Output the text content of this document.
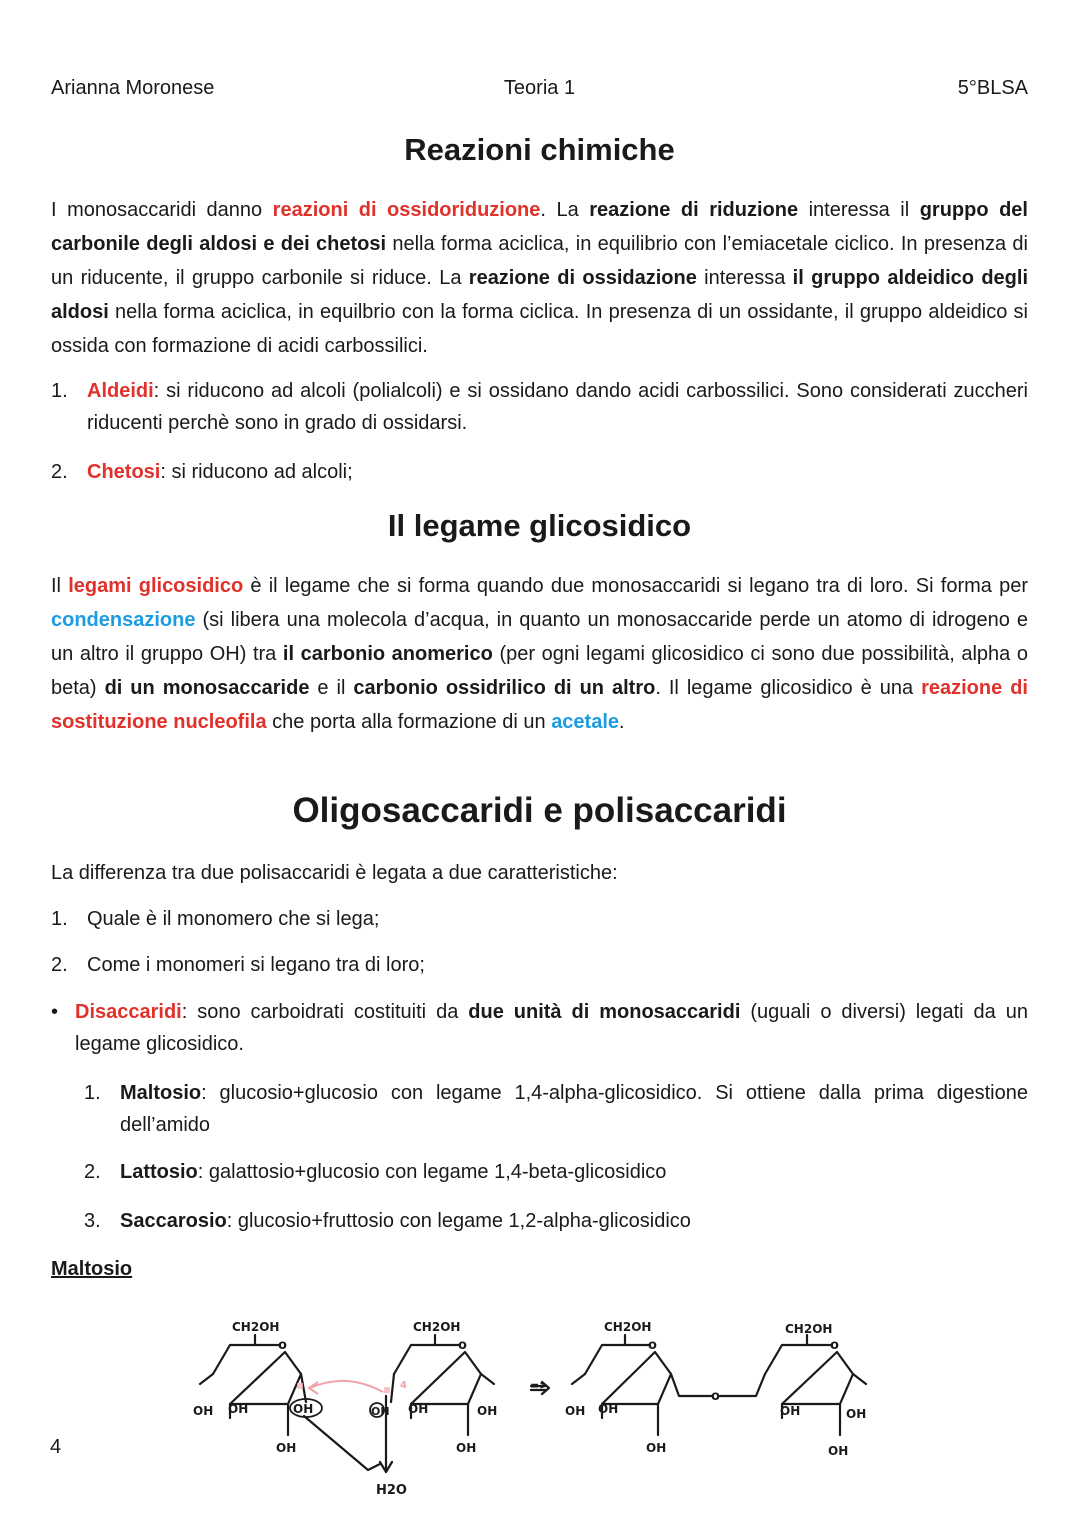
Arianna Moronese	Teoria 1	5°BLSA
Reazioni chimiche

I monosaccaridi danno reazioni di ossidoriduzione. La reazione di riduzione interessa il gruppo del carbonile degli aldosi e dei chetosi nella forma aciclica, in equilibrio con l’emiacetale ciclico. In presenza di un riducente, il gruppo carbonile si riduce. La reazione di ossidazione interessa il gruppo aldeidico degli aldosi nella forma aciclica, in equilbrio con la forma ciclica. In presenza di un ossidante, il gruppo aldeidico si ossida con formazione di acidi carbossilici.

1. Aldeidi: si riducono ad alcoli (polialcoli) e si ossidano dando acidi carbossilici. Sono considerati zuccheri riducenti perchè sono in grado di ossidarsi.

2. Chetosi: si riducono ad alcoli;

Il legame glicosidico

Il legami glicosidico è il legame che si forma quando due monosaccaridi si legano tra di loro. Si forma per condensazione (si libera una molecola d’acqua, in quanto un monosaccaride perde un atomo di idrogeno e un altro il gruppo OH) tra il carbonio anomerico (per ogni legami glicosidico ci sono due possibilità, alpha o beta) di un monosaccaride e il carbonio ossidrilico di un altro. Il legame glicosidico è una reazione di sostituzione nucleofila che porta alla formazione di un acetale.

Oligosaccaridi e polisaccaridi

La differenza tra due polisaccaridi è legata a due caratteristiche:

1. Quale è il monomero che si lega;

2. Come i monomeri si legano tra di loro;

• Disaccaridi: sono carboidrati costituiti da due unità di monosaccaridi (uguali o diversi) legati da un legame glicosidico.

1. Maltosio: glucosio+glucosio con legame 1,4-alpha-glicosidico. Si ottiene dalla prima digestione dell’amido

2. Lattosio: galattosio+glucosio con legame 1,4-beta-glicosidico

3. Saccarosio: glucosio+fruttosio con legame 1,2-alpha-glicosidico

Maltosio
4
CH2OH	CH2OH	CH2OH	CH2OH
o	o	o	o
o
OH OH	OH
OH
OH OH	OH
OH
OH OH
OH
OH	OH
OH
H2O
=>
4
